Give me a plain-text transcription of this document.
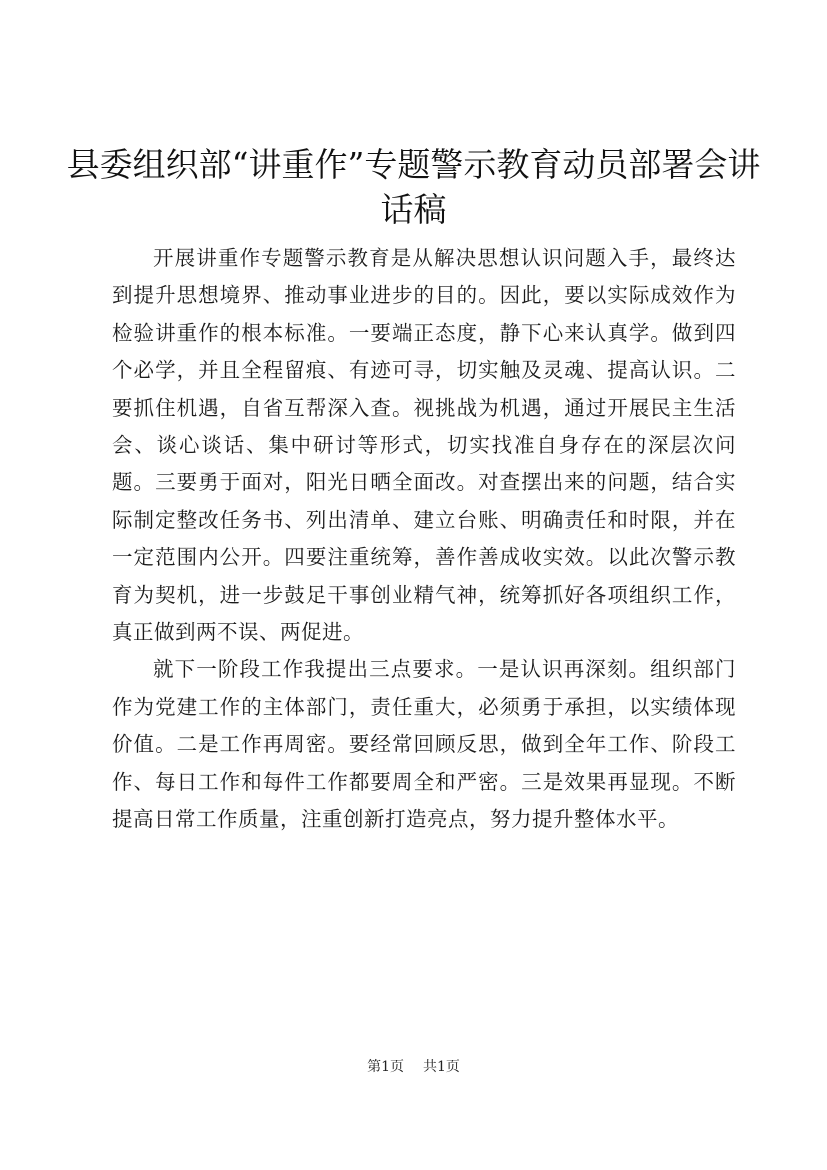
县委组织部“讲重作”专题警示教育动员部署会讲话稿

开展讲重作专题警示教育是从解决思想认识问题入手，最终达到提升思想境界、推动事业进步的目的。因此，要以实际成效作为检验讲重作的根本标准。一要端正态度，静下心来认真学。做到四个必学，并且全程留痕、有迹可寻，切实触及灵魂、提高认识。二要抓住机遇，自省互帮深入查。视挑战为机遇，通过开展民主生活会、谈心谈话、集中研讨等形式，切实找准自身存在的深层次问题。三要勇于面对，阳光日晒全面改。对查摆出来的问题，结合实际制定整改任务书、列出清单、建立台账、明确责任和时限，并在一定范围内公开。四要注重统筹，善作善成收实效。以此次警示教育为契机，进一步鼓足干事创业精气神，统筹抓好各项组织工作，真正做到两不误、两促进。

就下一阶段工作我提出三点要求。一是认识再深刻。组织部门作为党建工作的主体部门，责任重大，必须勇于承担，以实绩体现价值。二是工作再周密。要经常回顾反思，做到全年工作、阶段工作、每日工作和每件工作都要周全和严密。三是效果再显现。不断提高日常工作质量，注重创新打造亮点，努力提升整体水平。

第1页 共1页
